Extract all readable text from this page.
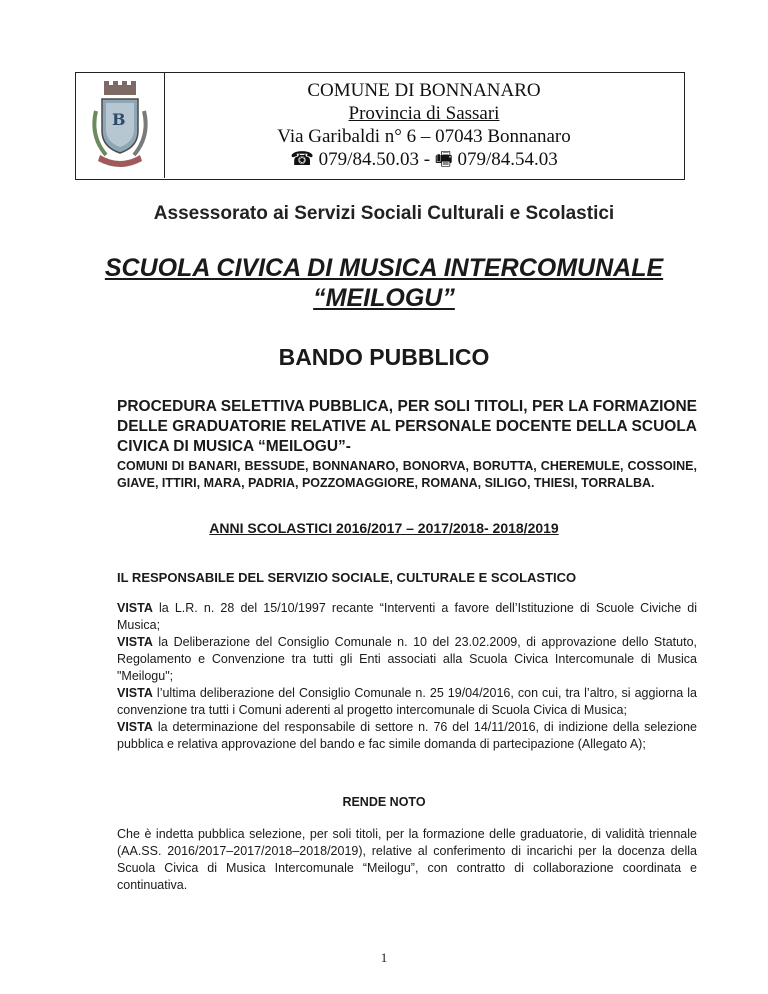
B
COMUNE DI BONNANARO
Provincia di Sassari
Via Garibaldi n° 6 – 07043 Bonnanaro
☎ 079/84.50.03 - 🖷 079/84.54.03
Assessorato ai Servizi Sociali Culturali e Scolastici
SCUOLA CIVICA DI MUSICA INTERCOMUNALE
“MEILOGU”
BANDO PUBBLICO
PROCEDURA SELETTIVA PUBBLICA, PER SOLI TITOLI, PER LA FORMAZIONE DELLE GRADUATORIE RELATIVE AL PERSONALE DOCENTE DELLA SCUOLA CIVICA DI MUSICA “MEILOGU”-
COMUNI DI BANARI, BESSUDE, BONNANARO, BONORVA, BORUTTA, CHEREMULE, COSSOINE, GIAVE, ITTIRI, MARA, PADRIA, POZZOMAGGIORE, ROMANA, SILIGO, THIESI, TORRALBA.
ANNI SCOLASTICI 2016/2017 – 2017/2018- 2018/2019
IL RESPONSABILE DEL SERVIZIO SOCIALE, CULTURALE E SCOLASTICO

VISTA la L.R. n. 28 del 15/10/1997 recante “Interventi a favore dell’Istituzione di Scuole Civiche di Musica;

VISTA la Deliberazione del Consiglio Comunale n. 10 del 23.02.2009, di approvazione dello Statuto, Regolamento e Convenzione tra tutti gli Enti associati alla Scuola Civica Intercomunale di Musica "Meilogu";

VISTA l’ultima deliberazione del Consiglio Comunale n. 25 19/04/2016, con cui, tra l’altro, si aggiorna la convenzione tra tutti i Comuni aderenti al progetto intercomunale di Scuola Civica di Musica;

VISTA la determinazione del responsabile di settore n. 76 del 14/11/2016, di indizione della selezione pubblica e relativa approvazione del bando e fac simile domanda di partecipazione (Allegato A);

RENDE NOTO
Che è indetta pubblica selezione, per soli titoli, per la formazione delle graduatorie, di validità triennale (AA.SS. 2016/2017–2017/2018–2018/2019), relative al conferimento di incarichi per la docenza della Scuola Civica di Musica Intercomunale “Meilogu”, con contratto di collaborazione coordinata e continuativa.
1
